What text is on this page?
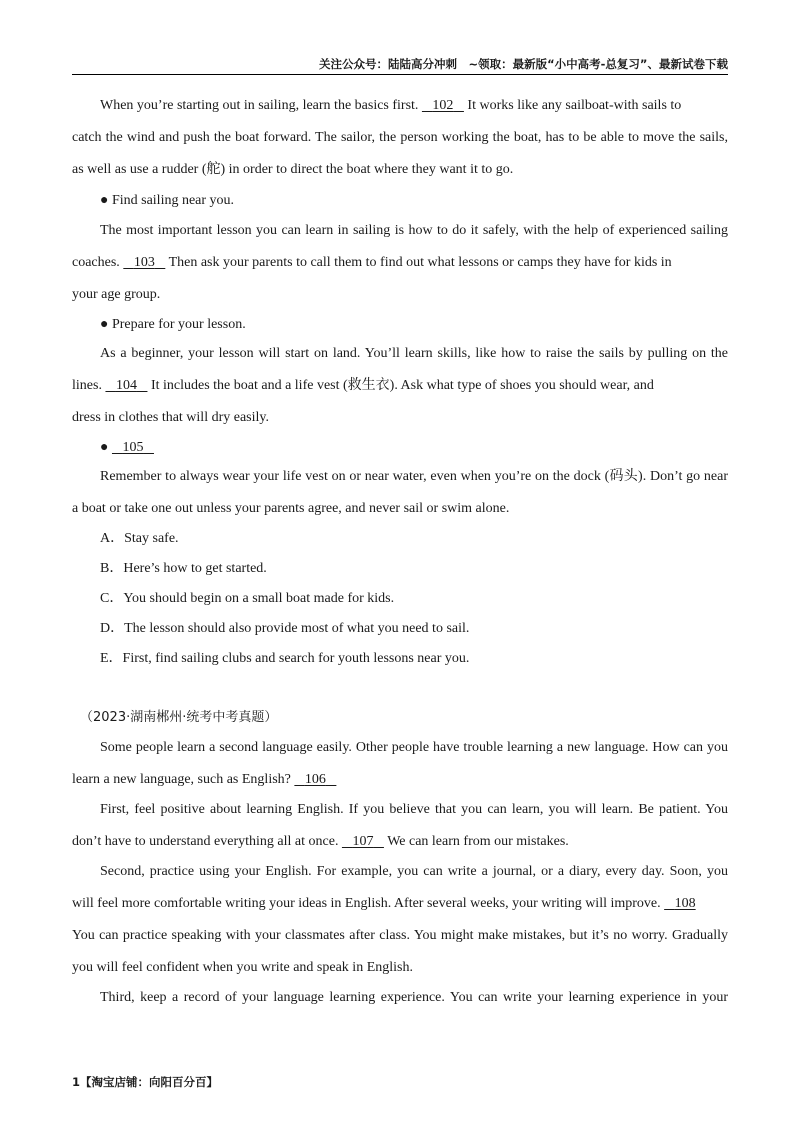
关注公众号：陆陆高分冲刺　~领取：最新版“小中高考-总复习”、最新试卷下载
When you’re starting out in sailing, learn the basics first. 102 It works like any sailboat-with sails to
catch the wind and push the boat forward. The sailor, the person working the boat, has to be able to move the sails,
as well as use a rudder (舵) in order to direct the boat where they want it to go.
● Find sailing near you.
The most important lesson you can learn in sailing is how to do it safely, with the help of experienced sailing
coaches. 103 Then ask your parents to call them to find out what lessons or camps they have for kids in
your age group.
● Prepare for your lesson.
As a beginner, your lesson will start on land. You’ll learn skills, like how to raise the sails by pulling on the
lines. 104 It includes the boat and a life vest (救生衣). Ask what type of shoes you should wear, and
dress in clothes that will dry easily.
● 105
Remember to always wear your life vest on or near water, even when you’re on the dock (码头). Don’t go near
a boat or take one out unless your parents agree, and never sail or swim alone.
A．Stay safe.
B．Here’s how to get started.
C．You should begin on a small boat made for kids.
D．The lesson should also provide most of what you need to sail.
E．First, find sailing clubs and search for youth lessons near you.
（2023·湖南郴州·统考中考真题）
Some people learn a second language easily. Other people have trouble learning a new language. How can you
learn a new language, such as English? 106
First, feel positive about learning English. If you believe that you can learn, you will learn. Be patient. You
don’t have to understand everything all at once. 107 We can learn from our mistakes.
Second, practice using your English. For example, you can write a journal, or a diary, every day. Soon, you
will feel more comfortable writing your ideas in English. After several weeks, your writing will improve. 108
You can practice speaking with your classmates after class. You might make mistakes, but it’s no worry. Gradually
you will feel confident when you write and speak in English.
Third, keep a record of your language learning experience. You can write your learning experience in your
1【淘宝店铺：向阳百分百】
